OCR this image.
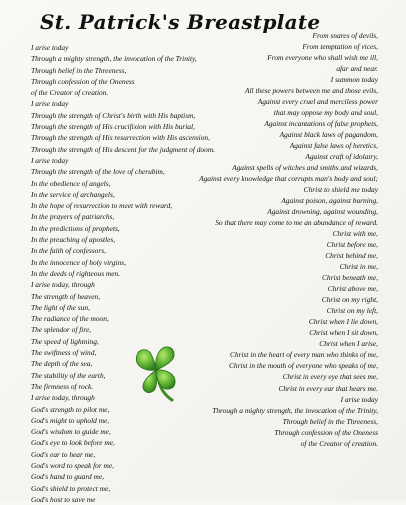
St. Patrick's Breastplate
I arise today
Through a mighty strength, the invocation of the Trinity,
Through belief in the Threeness,
Through confession of the Oneness
of the Creator of creation.
I arise today
Through the strength of Christ's birth with His baptism,
Through the strength of His crucifixion with His burial,
Through the strength of His resurrection with His ascension,
Through the strength of His descent for the judgment of doom.
I arise today
Through the strength of the love of cherubim,
In the obedience of angels,
In the service of archangels,
In the hope of resurrection to meet with reward,
In the prayers of patriarchs,
In the predictions of prophets,
In the preaching of apostles,
In the faith of confessors,
In the innocence of holy virgins,
In the deeds of righteous men.
I arise today, through
The strength of heaven,
The light of the sun,
The radiance of the moon,
The splendor of fire,
The speed of lightning,
The swiftness of wind,
The depth of the sea,
The stability of the earth,
The firmness of rock.
I arise today, through
God's strength to pilot me,
God's might to uphold me,
God's wisdom to guide me,
God's eye to look before me,
God's ear to hear me,
God's word to speak for me,
God's hand to guard me,
God's shield to protect me,
God's host to save me
From snares of devils,
From temptation of vices,
From everyone who shall wish me ill,
afar and near.
I summon today
All these powers between me and those evils,
Against every cruel and merciless power
that may oppose my body and soul,
Against incantations of false prophets,
Against black laws of pagandom,
Against false laws of heretics,
Against craft of idolatry,
Against spells of witches and smiths and wizards,
Against every knowledge that corrupts man's body and soul;
Christ to shield me today
Against poison, against burning,
Against drowning, against wounding,
So that there may come to me an abundance of reward.
Christ with me,
Christ before me,
Christ behind me,
Christ in me,
Christ beneath me,
Christ above me,
Christ on my right,
Christ on my left,
Christ when I lie down,
Christ when I sit down,
Christ when I arise,
Christ in the heart of every man who thinks of me,
Christ in the mouth of everyone who speaks of me,
Christ in every eye that sees me,
Christ in every ear that hears me.
I arise today
Through a mighty strength, the invocation of the Trinity,
Through belief in the Threeness,
Through confession of the Oneness
of the Creator of creation.
